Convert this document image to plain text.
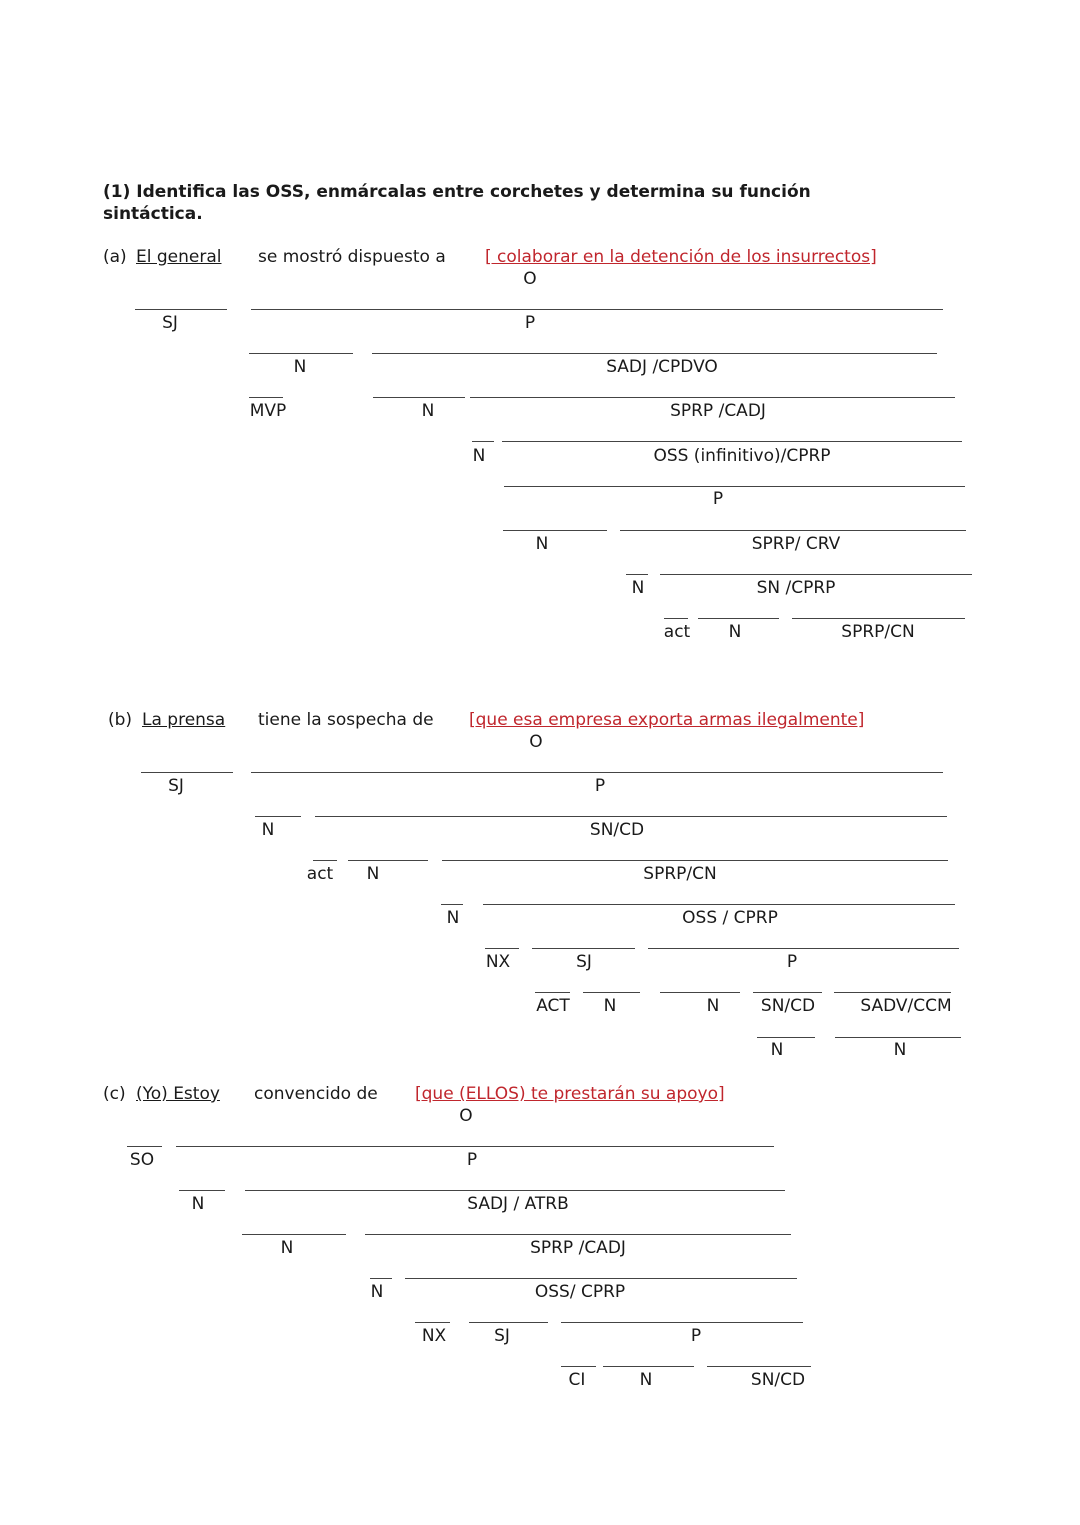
(1) Identifica las OSS, enmárcalas entre corchetes y determina su función
sintáctica.
(a) El general se mostró dispuesto a [ colaborar en la detención de los insurrectos]
O
SJ	P
N	SADJ /CPDVO
MVP	N	SPRP /CADJ
N	OSS (infinitivo)/CPRP
P
N	SPRP/ CRV
N	SN /CPRP
act N	SPRP/CN
(b) La prensa tiene la sospecha de [que esa empresa exporta armas ilegalmente]
O
SJ	P
N	SN/CD
act N	SPRP/CN
N	OSS / CPRP
NX	SJ	P
ACT N	N SN/CD	SADV/CCM
N	N
(c) (Yo) Estoy convencido de [que (ELLOS) te prestarán su apoyo]
O
SO	P
N	SADJ / ATRB
N	SPRP /CADJ
N	OSS/ CPRP
NX	SJ	P
CI	N	SN/CD
